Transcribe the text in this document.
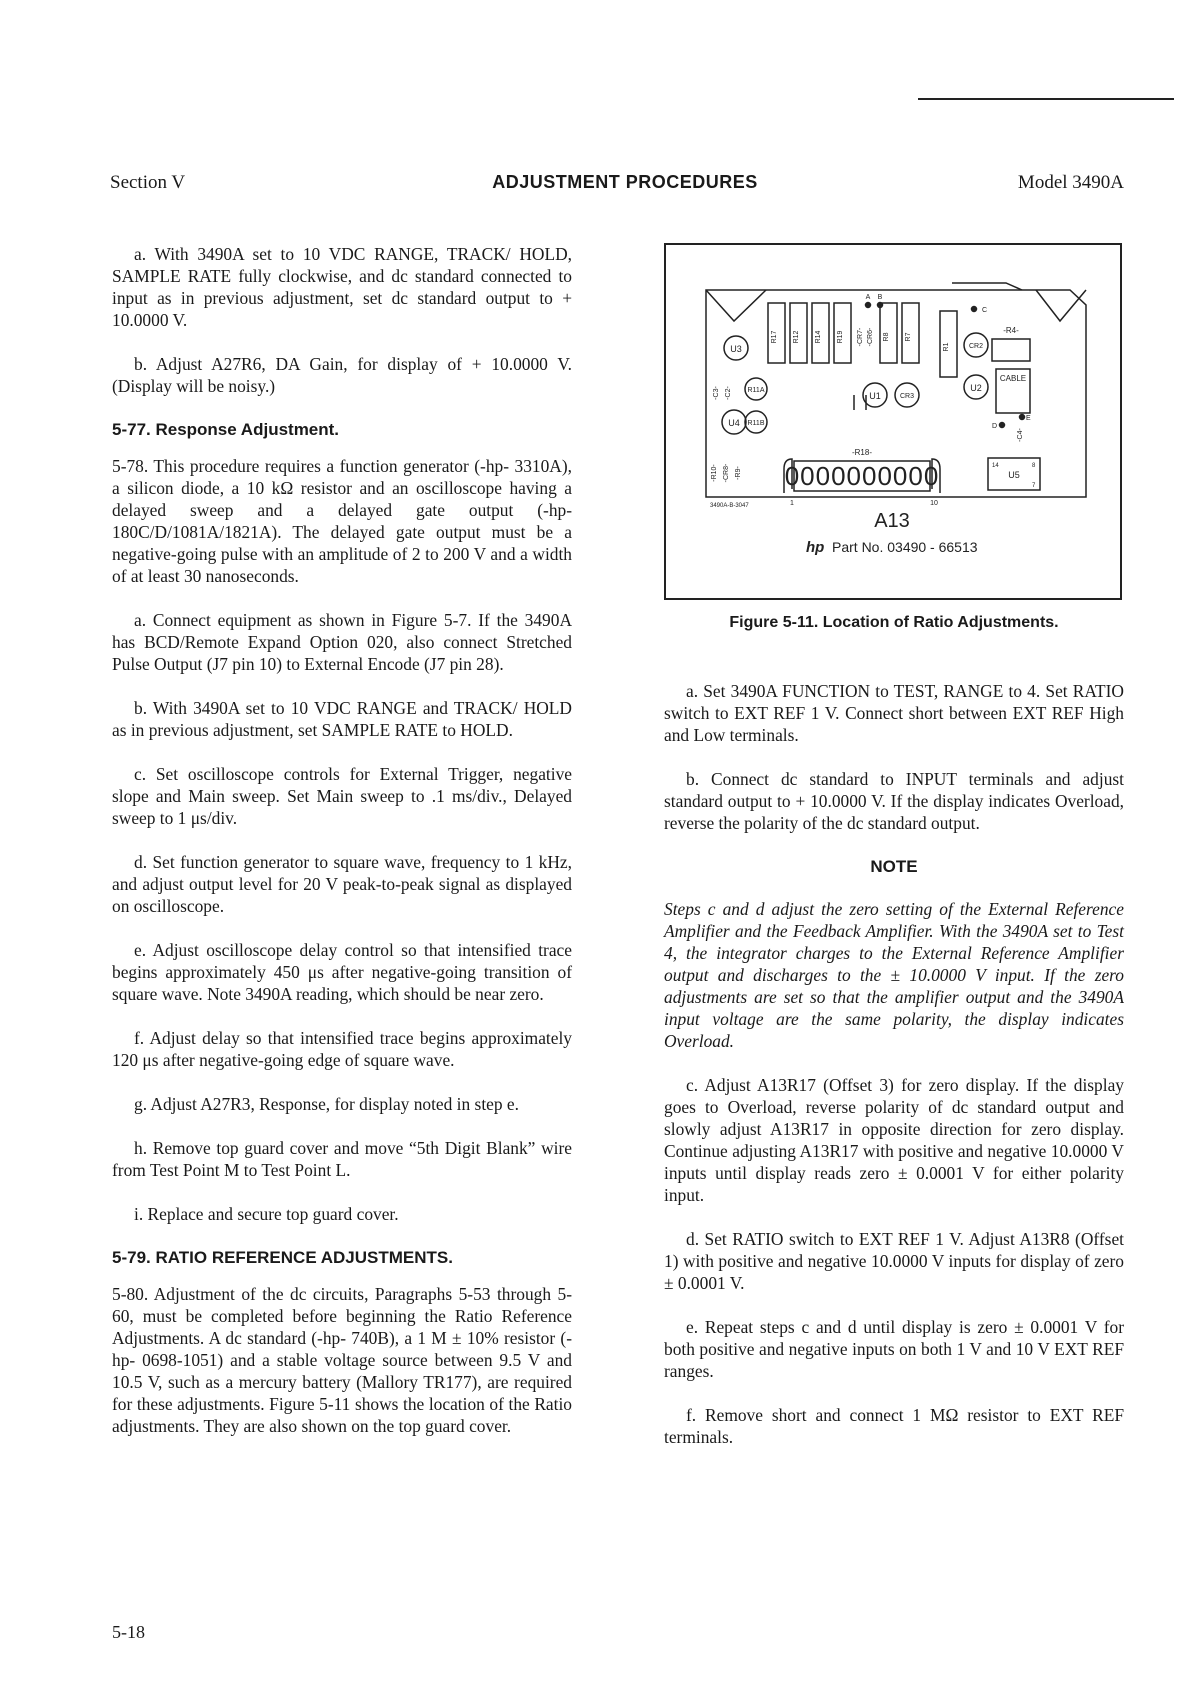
Section V	ADJUSTMENT PROCEDURES	Model 3490A

a. With 3490A set to 10 VDC RANGE, TRACK/ HOLD, SAMPLE RATE fully clockwise, and dc standard connected to input as in previous adjustment, set dc standard output to + 10.0000 V.

b. Adjust A27R6, DA Gain, for display of + 10.0000 V. (Display will be noisy.)

5-77. Response Adjustment.

5-78. This procedure requires a function generator (-hp- 3310A), a silicon diode, a 10 kΩ resistor and an oscilloscope having a delayed sweep and a delayed gate output (-hp- 180C/D/1081A/1821A). The delayed gate output must be a negative-going pulse with an amplitude of 2 to 200 V and a width of at least 30 nanoseconds.

a. Connect equipment as shown in Figure 5-7. If the 3490A has BCD/Remote Expand Option 020, also connect Stretched Pulse Output (J7 pin 10) to External Encode (J7 pin 28).

b. With 3490A set to 10 VDC RANGE and TRACK/ HOLD as in previous adjustment, set SAMPLE RATE to HOLD.

c. Set oscilloscope controls for External Trigger, negative slope and Main sweep. Set Main sweep to .1 ms/div., Delayed sweep to 1 μs/div.

d. Set function generator to square wave, frequency to 1 kHz, and adjust output level for 20 V peak-to-peak signal as displayed on oscilloscope.

e. Adjust oscilloscope delay control so that intensified trace begins approximately 450 μs after negative-going transition of square wave. Note 3490A reading, which should be near zero.

f. Adjust delay so that intensified trace begins approximately 120 μs after negative-going edge of square wave.

g. Adjust A27R3, Response, for display noted in step e.

h. Remove top guard cover and move “5th Digit Blank” wire from Test Point M to Test Point L.

i. Replace and secure top guard cover.

5-79. RATIO REFERENCE ADJUSTMENTS.

5-80. Adjustment of the dc circuits, Paragraphs 5-53 through 5-60, must be completed before beginning the Ratio Reference Adjustments. A dc standard (-hp- 740B), a 1 M ± 10% resistor (-hp- 0698-1051) and a stable voltage source between 9.5 V and 10.5 V, such as a mercury battery (Mallory TR177), are required for these adjustments. Figure 5-11 shows the location of the Ratio adjustments. They are also shown on the top guard cover.

U3
R11A
R11B
U4
U1	CR3
CR2
U2
U5
CABLE
-R4-
-R18-
0000000000
R17 R12 R14 R19	R8 R7
R1
-CR7- -CR6-
-C3- -C2-
-C4-
-R10- -CR8- -R9-
A B
C
D
E
1	10
14	8
7
3490A-B-3047
A13
hp Part No. 03490 - 66513
Figure 5-11. Location of Ratio Adjustments.

a. Set 3490A FUNCTION to TEST, RANGE to 4. Set RATIO switch to EXT REF 1 V. Connect short between EXT REF High and Low terminals.

b. Connect dc standard to INPUT terminals and adjust standard output to + 10.0000 V. If the display indicates Overload, reverse the polarity of the dc standard output.

NOTE

Steps c and d adjust the zero setting of the External Reference Amplifier and the Feedback Amplifier. With the 3490A set to Test 4, the integrator charges to the External Reference Amplifier output and discharges to the ± 10.0000 V input. If the zero adjustments are set so that the amplifier output and the 3490A input voltage are the same polarity, the display indicates Overload.

c. Adjust A13R17 (Offset 3) for zero display. If the display goes to Overload, reverse polarity of dc standard output and slowly adjust A13R17 in opposite direction for zero display. Continue adjusting A13R17 with positive and negative 10.0000 V inputs until display reads zero ± 0.0001 V for either polarity input.

d. Set RATIO switch to EXT REF 1 V. Adjust A13R8 (Offset 1) with positive and negative 10.0000 V inputs for display of zero ± 0.0001 V.

e. Repeat steps c and d until display is zero ± 0.0001 V for both positive and negative inputs on both 1 V and 10 V EXT REF ranges.

f. Remove short and connect 1 MΩ resistor to EXT REF terminals.

5-18
